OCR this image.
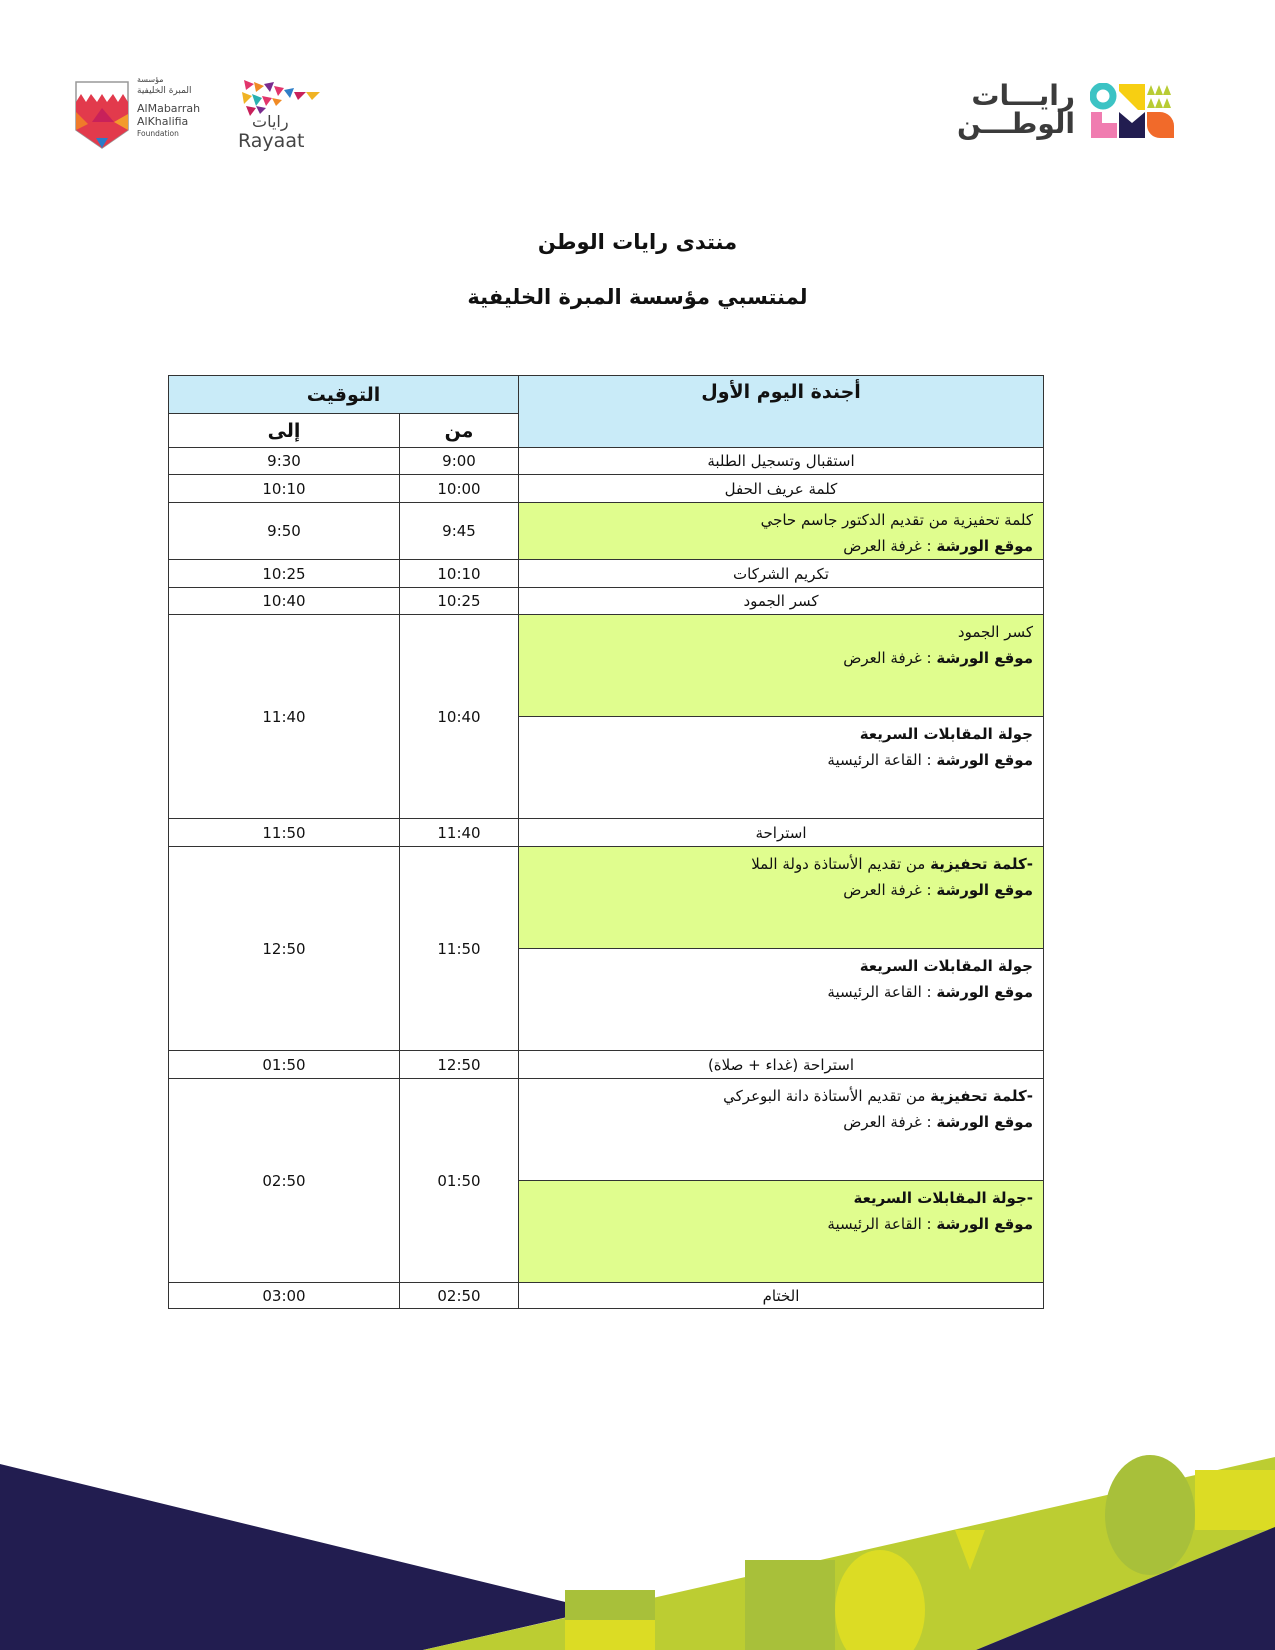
مؤسسة
المبرة الخليفية
AlMabarrah
AlKhalifia
Foundation
رايات
Rayaat
رايـــات
الوطـــن
منتدى رايات الوطن
لمنتسبي مؤسسة المبرة الخليفية
أجندة اليوم الأول	التوقيت	
	من	إلى

استقبال وتسجيل الطلبة	9:00	9:30

كلمة عريف الحفل	10:00	10:10

كلمة تحفيزية من تقديم الدكتور جاسم حاجي
موقع الورشة : غرفة العرض	9:45	9:50

تكريم الشركات	10:10	10:25

كسر الجمود	10:25	10:40

كسر الجمود
موقع الورشة : غرفة العرض	10:40	11:40

جولة المقابلات السريعة
موقع الورشة : القاعة الرئيسية		

استراحة	11:40	11:50

-كلمة تحفيزية من تقديم الأستاذة دولة الملا
موقع الورشة : غرفة العرض	11:50	12:50

جولة المقابلات السريعة
موقع الورشة : القاعة الرئيسية		

استراحة (غداء + صلاة)	12:50	01:50

-كلمة تحفيزية من تقديم الأستاذة دانة البوعركي
موقع الورشة : غرفة العرض	01:50	02:50

-جولة المقابلات السريعة
موقع الورشة : القاعة الرئيسية		

الختام	02:50	03:00
